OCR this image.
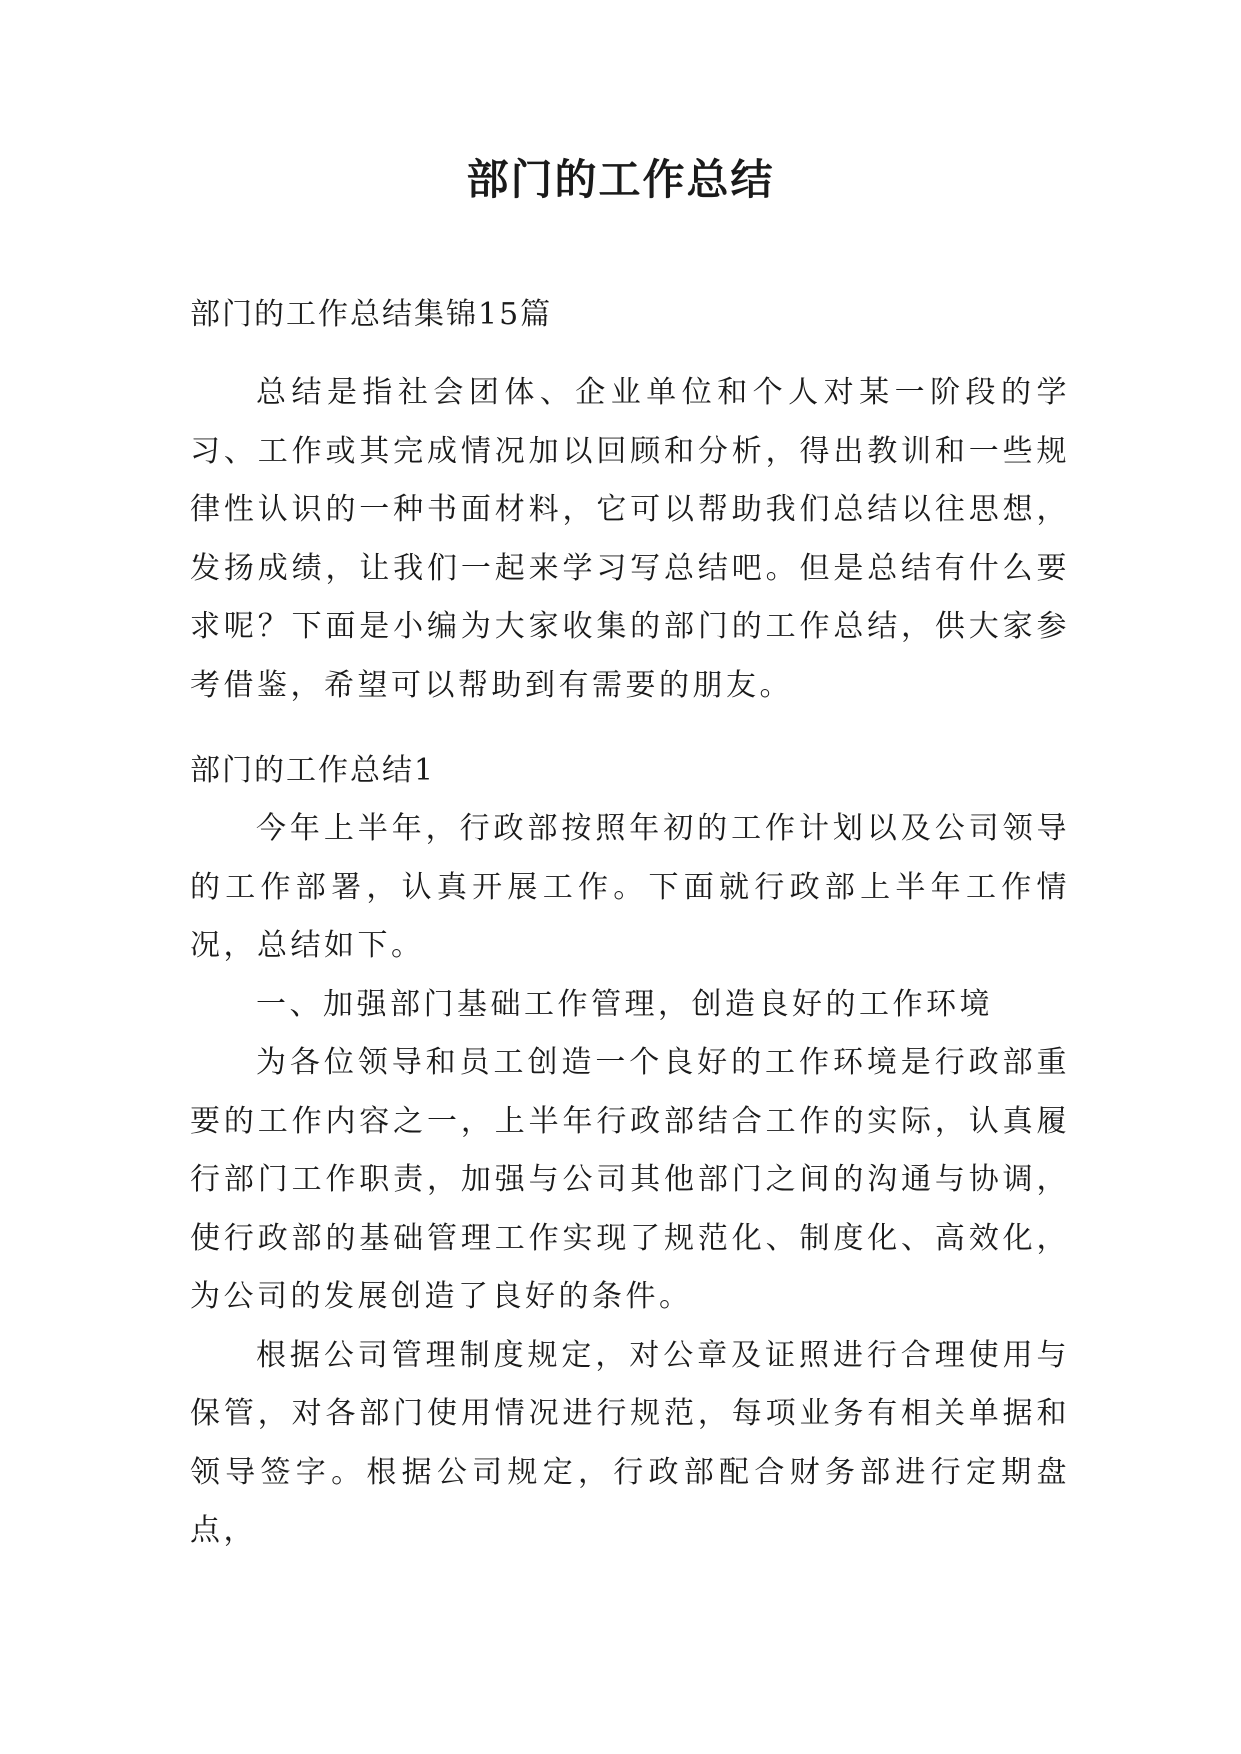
部门的工作总结
部门的工作总结集锦15篇

总结是指社会团体、企业单位和个人对某一阶段的学习、工作或其完成情况加以回顾和分析，得出教训和一些规律性认识的一种书面材料，它可以帮助我们总结以往思想，发扬成绩，让我们一起来学习写总结吧。但是总结有什么要求呢？下面是小编为大家收集的部门的工作总结，供大家参考借鉴，希望可以帮助到有需要的朋友。

部门的工作总结1

今年上半年，行政部按照年初的工作计划以及公司领导的工作部署，认真开展工作。下面就行政部上半年工作情况，总结如下。

一、加强部门基础工作管理，创造良好的工作环境

为各位领导和员工创造一个良好的工作环境是行政部重要的工作内容之一，上半年行政部结合工作的实际，认真履行部门工作职责，加强与公司其他部门之间的沟通与协调，使行政部的基础管理工作实现了规范化、制度化、高效化，为公司的发展创造了良好的条件。

根据公司管理制度规定，对公章及证照进行合理使用与保管，对各部门使用情况进行规范，每项业务有相关单据和领导签字。根据公司规定，行政部配合财务部进行定期盘点，
